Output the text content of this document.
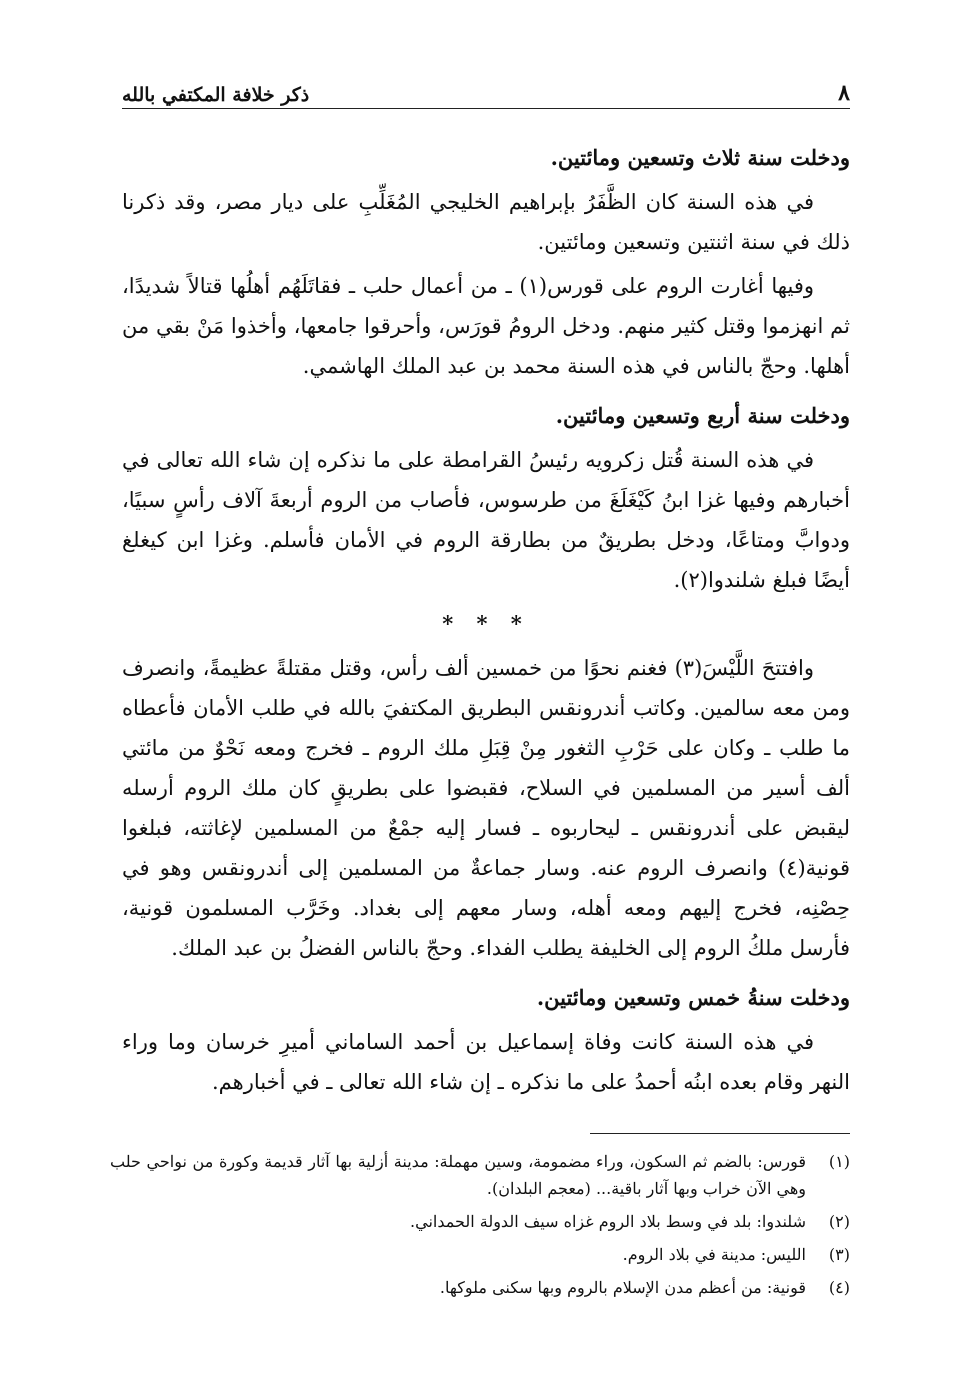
٨
ذكر خلافة المكتفي بالله
ودخلت سنة ثلاث وتسعين ومائتين.

في هذه السنة كان الظَّفَرُ بإبراهيم الخليجي المُغَلِّبِ على ديار مصر، وقد ذكرنا ذلك في سنة اثنتين وتسعين ومائتين.

وفيها أغارت الروم على قورس(١) ـ من أعمال حلب ـ فقاتَلَهُم أهلُها قتالاً شديدًا، ثم انهزموا وقتل كثير منهم. ودخل الرومُ قورَس، وأحرقوا جامعها، وأخذوا مَنْ بقي من أهلها. وحجّ بالناس في هذه السنة محمد بن عبد الملك الهاشمي.

ودخلت سنة أربع وتسعين ومائتين.

في هذه السنة قُتل زكرويه رئيسُ القرامطة على ما نذكره إن شاء الله تعالى في أخبارهم وفيها غزا ابنُ كَيْغَلَغَ من طرسوس، فأصاب من الروم أربعةَ آلاف رأسٍ سبيًا، ودوابَّ ومتاعًا، ودخل بطريقٌ من بطارقة الروم في الأمان فأسلم. وغزا ابن كيغلغ أيضًا فبلغ شلندوا(٢).

* * *

وافتتحَ اللَّيْسَ(٣) فغنم نحوًا من خمسين ألف رأس، وقتل مقتلةً عظيمةً، وانصرف ومن معه سالمين. وكاتب أندرونقس البطريق المكتفيَ بالله في طلب الأمان فأعطاه ما طلب ـ وكان على حَرْبِ الثغور مِنْ قِبَلِ ملك الروم ـ فخرج ومعه نَحْوٌ من مائتي ألف أسير من المسلمين في السلاح، فقبضوا على بطريقٍ كان ملك الروم أرسله ليقبض على أندرونقس ـ ليحاربوه ـ فسار إليه جمْعٌ من المسلمين لإغاثته، فبلغوا قونية(٤) وانصرف الروم عنه. وسار جماعةٌ من المسلمين إلى أندرونقس وهو في حِصْنِه، فخرج إليهم ومعه أهله، وسار معهم إلى بغداد. وخَرَّب المسلمون قونية، فأرسل ملكُ الروم إلى الخليفة يطلب الفداء. وحجّ بالناس الفضلُ بن عبد الملك.

ودخلت سنةُ خمس وتسعين ومائتين.

في هذه السنة كانت وفاة إسماعيل بن أحمد الساماني أميرِ خرسان وما وراء النهر وقام بعده ابنُه أحمدُ على ما نذكره ـ إن شاء الله تعالى ـ في أخبارهم.

(١)
قورس: بالضم ثم السكون، وراء مضمومة، وسين مهملة: مدينة أزلية بها آثار قديمة وكورة من نواحي حلب وهي الآن خراب وبها آثار باقية... (معجم البلدان).
(٢)
شلندوا: بلد في وسط بلاد الروم غزاه سيف الدولة الحمداني.
(٣)
الليس: مدينة في بلاد الروم.
(٤)
قونية: من أعظم مدن الإسلام بالروم وبها سكنى ملوكها.
